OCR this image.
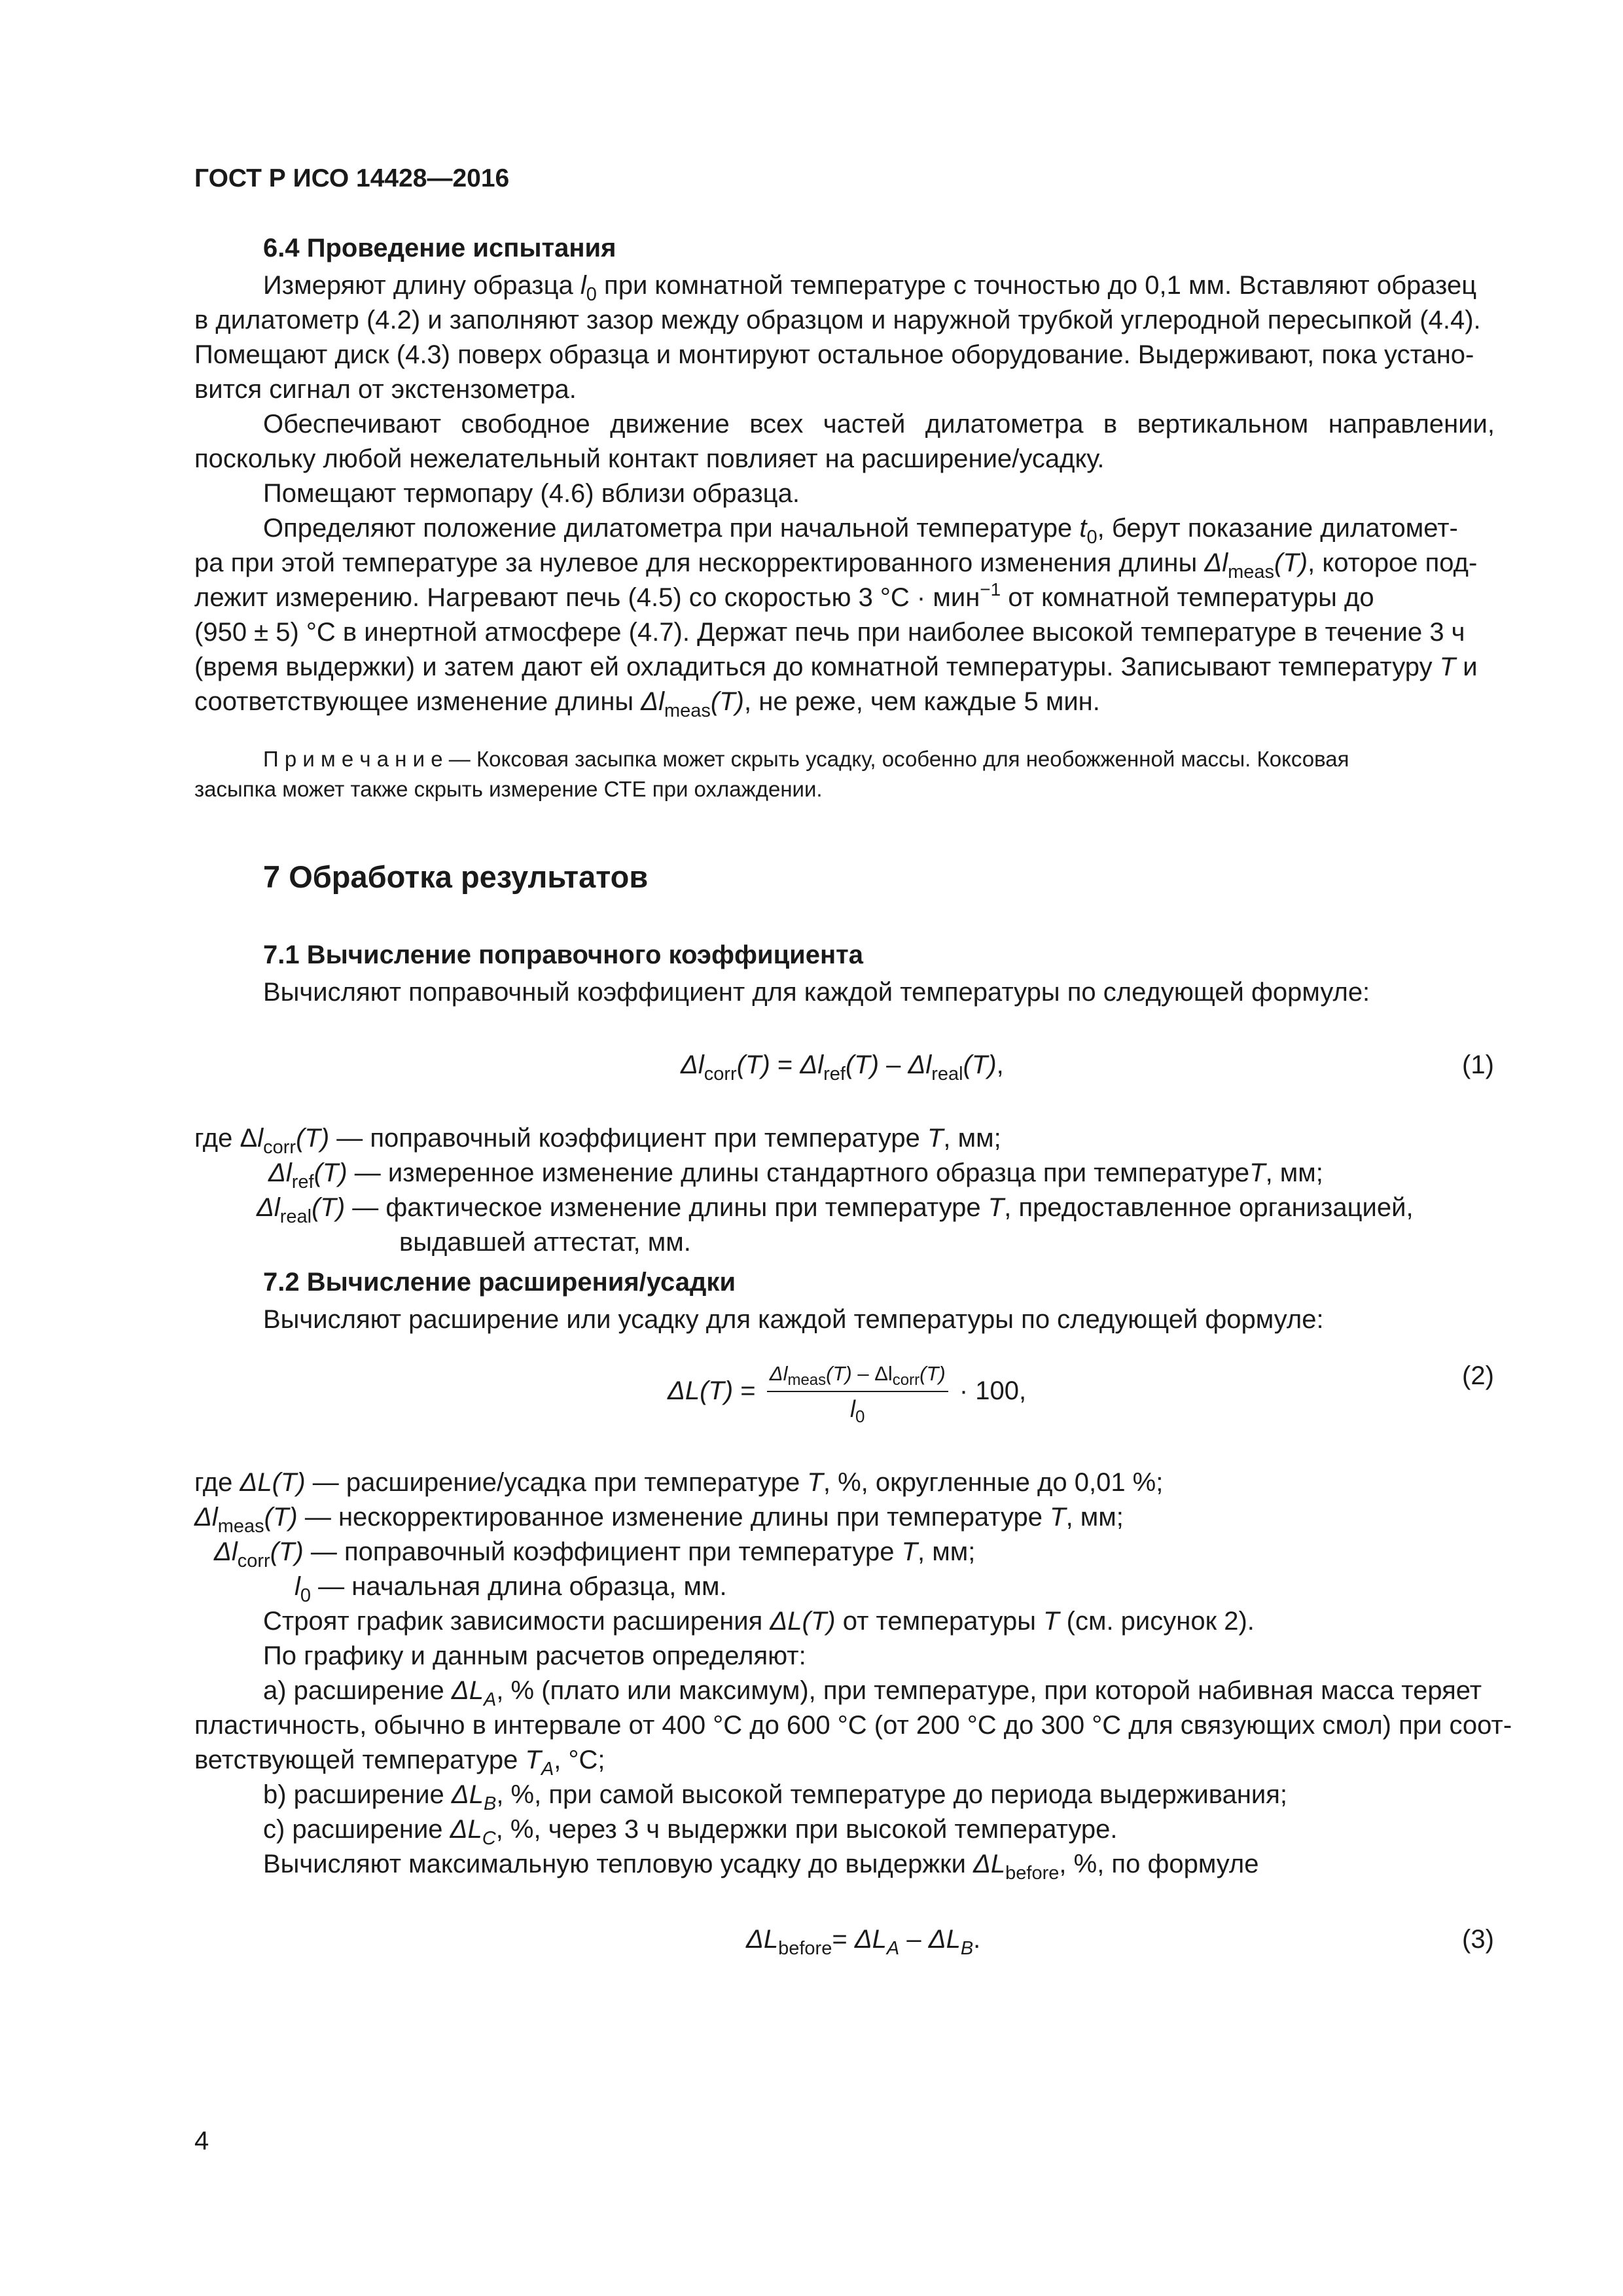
ГОСТ Р ИСО 14428—2016
6.4 Проведение испытания
Измеряют длину образца $l_0$ при комнатной температуре с точностью до 0,1 мм. Вставляют образец
в дилатометр (4.2) и заполняют зазор между образцом и наружной трубкой углеродной пересыпкой (4.4).
Помещают диск (4.3) поверх образца и монтируют остальное оборудование. Выдерживают, пока устано-
вится сигнал от экстензометра.
Обеспечивают свободное движение всех частей дилатометра в вертикальном направлении,
поскольку любой нежелательный контакт повлияет на расширение/усадку.
Помещают термопару (4.6) вблизи образца.
Определяют положение дилатометра при начальной температуре $t_0$, берут показание дилатомет-
ра при этой температуре за нулевое для нескорректированного изменения длины $\Delta l_{meas}(T)$, которое под-
лежит измерению. Нагревают печь (4.5) со скоростью 3 °С · мин$^{-1}$ от комнатной температуры до
(950 ± 5) °С в инертной атмосфере (4.7). Держат печь при наиболее высокой температуре в течение 3 ч
(время выдержки) и затем дают ей охладиться до комнатной температуры. Записывают температуру T и
соответствующее изменение длины $\Delta l_{meas}(T)$, не реже, чем каждые 5 мин.
П р и м е ч а н и е — Коксовая засыпка может скрыть усадку, особенно для необожженной массы. Коксовая
засыпка может также скрыть измерение СТЕ при охлаждении.
7 Обработка результатов
7.1 Вычисление поправочного коэффициента
Вычисляют поправочный коэффициент для каждой температуры по следующей формуле:
$\Delta l_{corr}(T) = \Delta l_{ref}(T) - \Delta l_{real}(T)$,	(1)
где $\Delta l_{corr}(T)$ — поправочный коэффициент при температуре T, мм;
$\Delta l_{ref}(T)$ — измеренное изменение длины стандартного образца при температуреT, мм;
$\Delta l_{real}(T)$ — фактическое изменение длины при температуре T, предоставленное организацией,
выдавшей аттестат, мм.
7.2 Вычисление расширения/усадки
Вычисляют расширение или усадку для каждой температуры по следующей формуле:
$\Delta L(T) = \frac{\Delta l_{meas}(T) - \Delta l_{corr}(T)}{l_0} \cdot 100$,
(2)
где ΔL(T) — расширение/усадка при температуре T, %, округленные до 0,01 %;
$\Delta l_{meas}(T)$ — нескорректированное изменение длины при температуре T, мм;
$\Delta l_{corr}(T)$ — поправочный коэффициент при температуре T, мм;
$l_0$ — начальная длина образца, мм.
Строят график зависимости расширения ΔL(T) от температуры T (см. рисунок 2).
По графику и данным расчетов определяют:
a) расширение $\Delta L_A$, % (плато или максимум), при температуре, при которой набивная масса теряет
пластичность, обычно в интервале от 400 °С до 600 °С (от 200 °С до 300 °С для связующих смол) при соот-
ветствующей температуре $T_A$, °С;
b) расширение $\Delta L_B$, %, при самой высокой температуре до периода выдерживания;
c) расширение $\Delta L_C$, %, через 3 ч выдержки при высокой температуре.
Вычисляют максимальную тепловую усадку до выдержки $\Delta L_{before}$, %, по формуле
$\Delta L_{before}= \Delta L_A - \Delta L_B$.	(3)
4
